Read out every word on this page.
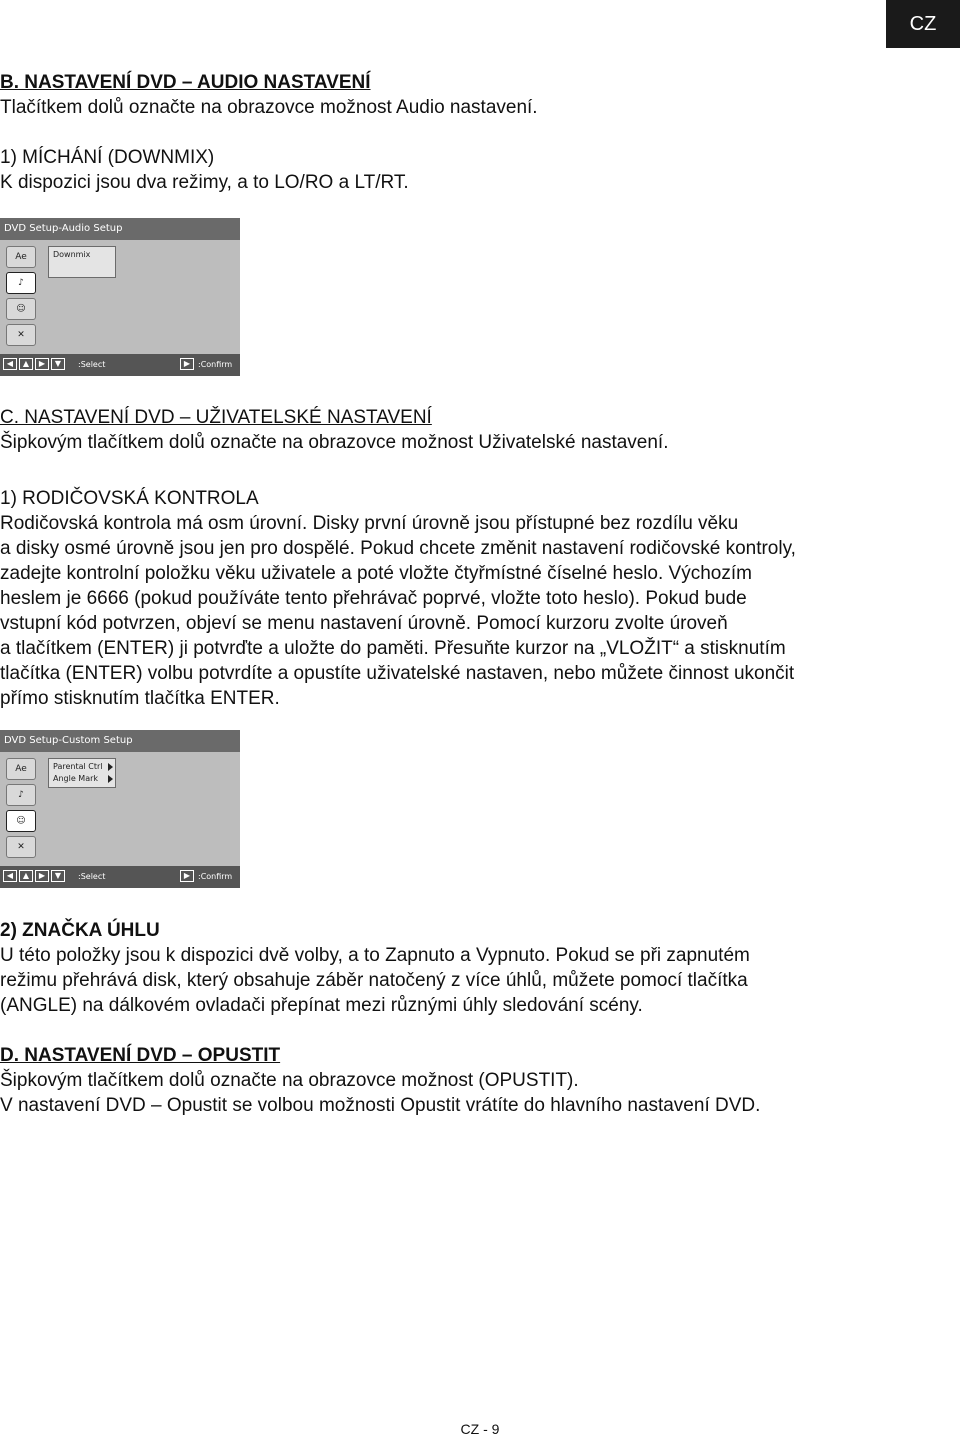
CZ
B. NASTAVENÍ DVD – AUDIO NASTAVENÍ
Tlačítkem dolů označte na obrazovce možnost Audio nastavení.
1) MÍCHÁNÍ (DOWNMIX)
K dispozici jsou dva režimy, a to LO/RO a LT/RT.
DVD Setup-Audio Setup
Ae
♪
☺
✕
Downmix
◀	▲	▶	▼	:Select	▶ :Confirm
C. NASTAVENÍ DVD – UŽIVATELSKÉ NASTAVENÍ
Šipkovým tlačítkem dolů označte na obrazovce možnost Uživatelské nastavení.
1) RODIČOVSKÁ KONTROLA
Rodičovská kontrola má osm úrovní. Disky první úrovně jsou přístupné bez rozdílu věku
a disky osmé úrovně jsou jen pro dospělé. Pokud chcete změnit nastavení rodičovské kontroly,
zadejte kontrolní položku věku uživatele a poté vložte čtyřmístné číselné heslo. Výchozím
heslem je 6666 (pokud používáte tento přehrávač poprvé, vložte toto heslo). Pokud bude
vstupní kód potvrzen, objeví se menu nastavení úrovně. Pomocí kurzoru zvolte úroveň
a tlačítkem (ENTER) ji potvrďte a uložte do paměti. Přesuňte kurzor na „VLOŽIT“ a stisknutím
tlačítka (ENTER) volbu potvrdíte a opustíte uživatelské nastaven, nebo můžete činnost ukončit
přímo stisknutím tlačítka ENTER.
DVD Setup-Custom Setup
Ae
♪
☺
✕
Parental Ctrl
Angle Mark
◀	▲	▶	▼	:Select	▶ :Confirm
2) ZNAČKA ÚHLU
U této položky jsou k dispozici dvě volby, a to Zapnuto a Vypnuto. Pokud se při zapnutém
režimu přehrává disk, který obsahuje záběr natočený z více úhlů, můžete pomocí tlačítka
(ANGLE) na dálkovém ovladači přepínat mezi různými úhly sledování scény.
D. NASTAVENÍ DVD – OPUSTIT
Šipkovým tlačítkem dolů označte na obrazovce možnost (OPUSTIT).
V nastavení DVD – Opustit se volbou možnosti Opustit vrátíte do hlavního nastavení DVD.
CZ - 9
